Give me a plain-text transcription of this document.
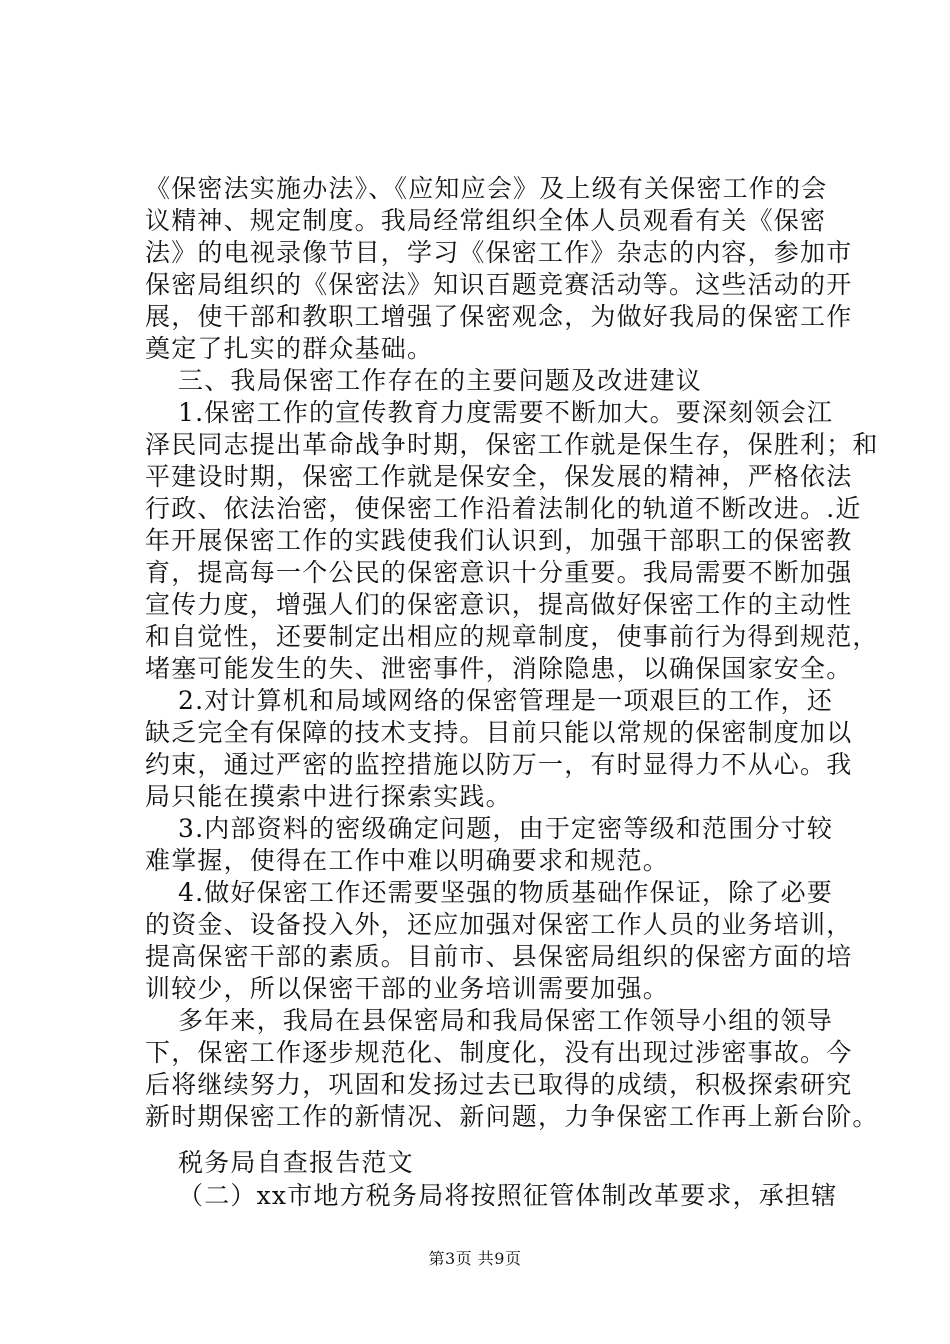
《保密法实施办法》、《应知应会》及上级有关保密工作的会
议精神、规定制度。我局经常组织全体人员观看有关《保密
法》的电视录像节目，学习《保密工作》杂志的内容，参加市
保密局组织的《保密法》知识百题竞赛活动等。这些活动的开
展，使干部和教职工增强了保密观念，为做好我局的保密工作
奠定了扎实的群众基础。
三、我局保密工作存在的主要问题及改进建议
1.保密工作的宣传教育力度需要不断加大。要深刻领会江
泽民同志提出革命战争时期，保密工作就是保生存，保胜利；和
平建设时期，保密工作就是保安全，保发展的精神，严格依法
行政、依法治密，使保密工作沿着法制化的轨道不断改进。.近
年开展保密工作的实践使我们认识到，加强干部职工的保密教
育，提高每一个公民的保密意识十分重要。我局需要不断加强
宣传力度，增强人们的保密意识，提高做好保密工作的主动性
和自觉性，还要制定出相应的规章制度，使事前行为得到规范，
堵塞可能发生的失、泄密事件，消除隐患，以确保国家安全。
2.对计算机和局域网络的保密管理是一项艰巨的工作，还
缺乏完全有保障的技术支持。目前只能以常规的保密制度加以
约束，通过严密的监控措施以防万一，有时显得力不从心。我
局只能在摸索中进行探索实践。
3.内部资料的密级确定问题，由于定密等级和范围分寸较
难掌握，使得在工作中难以明确要求和规范。
4.做好保密工作还需要坚强的物质基础作保证，除了必要
的资金、设备投入外，还应加强对保密工作人员的业务培训，
提高保密干部的素质。目前市、县保密局组织的保密方面的培
训较少，所以保密干部的业务培训需要加强。
多年来，我局在县保密局和我局保密工作领导小组的领导
下，保密工作逐步规范化、制度化，没有出现过涉密事故。今
后将继续努力，巩固和发扬过去已取得的成绩，积极探索研究
新时期保密工作的新情况、新问题，力争保密工作再上新台阶。
税务局自查报告范文
（二）xx市地方税务局将按照征管体制改革要求，承担辖
第3页 共9页
